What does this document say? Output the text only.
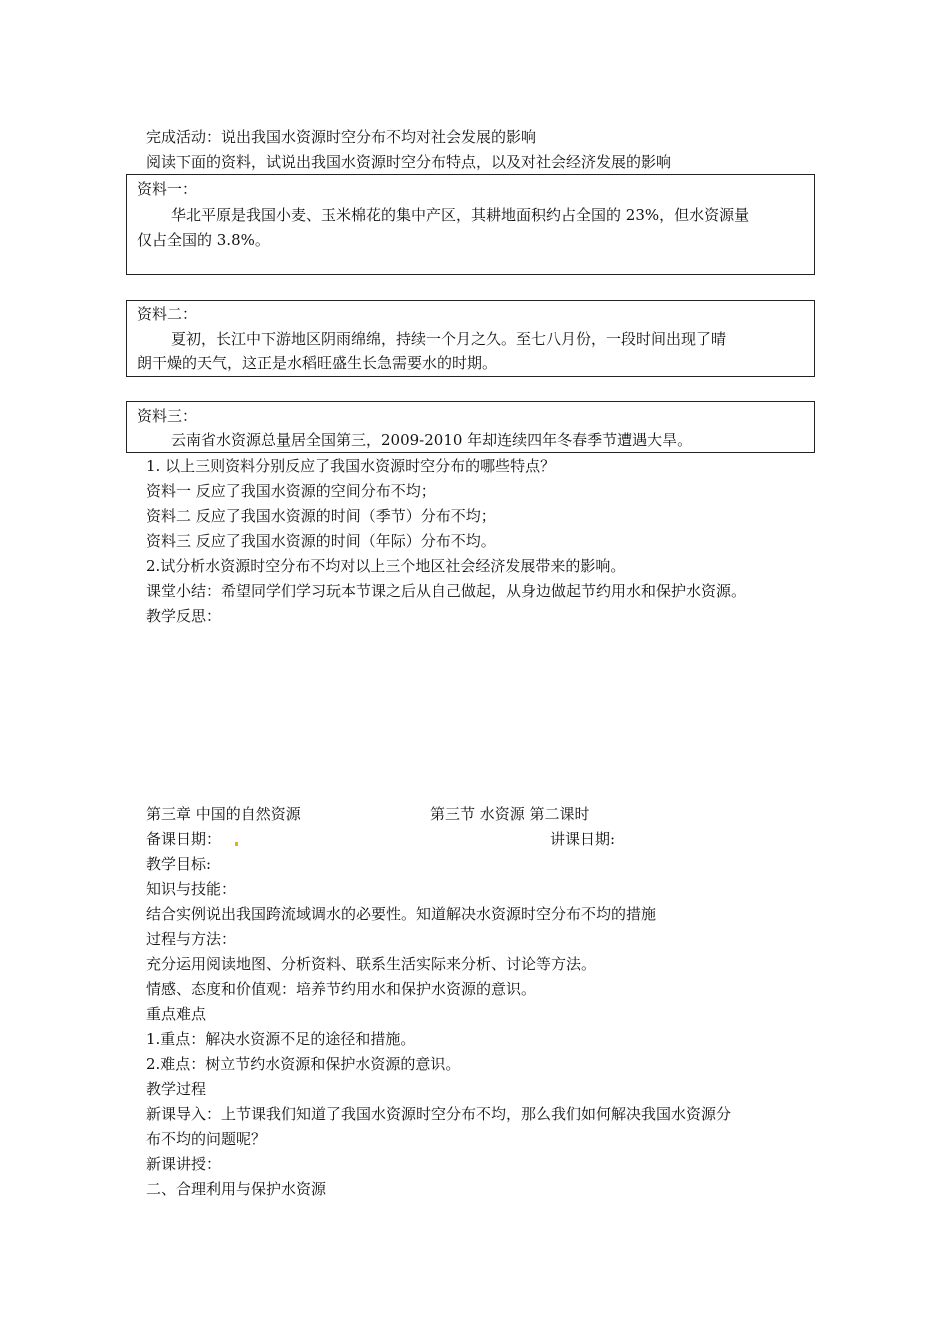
完成活动：说出我国水资源时空分布不均对社会发展的影响
阅读下面的资料，试说出我国水资源时空分布特点，以及对社会经济发展的影响
资料一：
华北平原是我国小麦、玉米棉花的集中产区，其耕地面积约占全国的 23%，但水资源量
仅占全国的 3.8%。
资料二：
夏初，长江中下游地区阴雨绵绵，持续一个月之久。至七八月份，一段时间出现了晴
朗干燥的天气，这正是水稻旺盛生长急需要水的时期。
资料三：
云南省水资源总量居全国第三，2009-2010 年却连续四年冬春季节遭遇大旱。
1. 以上三则资料分别反应了我国水资源时空分布的哪些特点？
资料一 反应了我国水资源的空间分布不均；
资料二 反应了我国水资源的时间（季节）分布不均；
资料三 反应了我国水资源的时间（年际）分布不均。
2.试分析水资源时空分布不均对以上三个地区社会经济发展带来的影响。
课堂小结：希望同学们学习玩本节课之后从自己做起，从身边做起节约用水和保护水资源。
教学反思：
第三章 中国的自然资源	第三节 水资源 第二课时
备课日期：	讲课日期:
教学目标:
知识与技能：
结合实例说出我国跨流域调水的必要性。知道解决水资源时空分布不均的措施
过程与方法：
充分运用阅读地图、分析资料、联系生活实际来分析、讨论等方法。
情感、态度和价值观：培养节约用水和保护水资源的意识。
重点难点
1.重点：解决水资源不足的途径和措施。
2.难点：树立节约水资源和保护水资源的意识。
教学过程
新课导入：上节课我们知道了我国水资源时空分布不均，那么我们如何解决我国水资源分
布不均的问题呢？
新课讲授：
二、合理利用与保护水资源
